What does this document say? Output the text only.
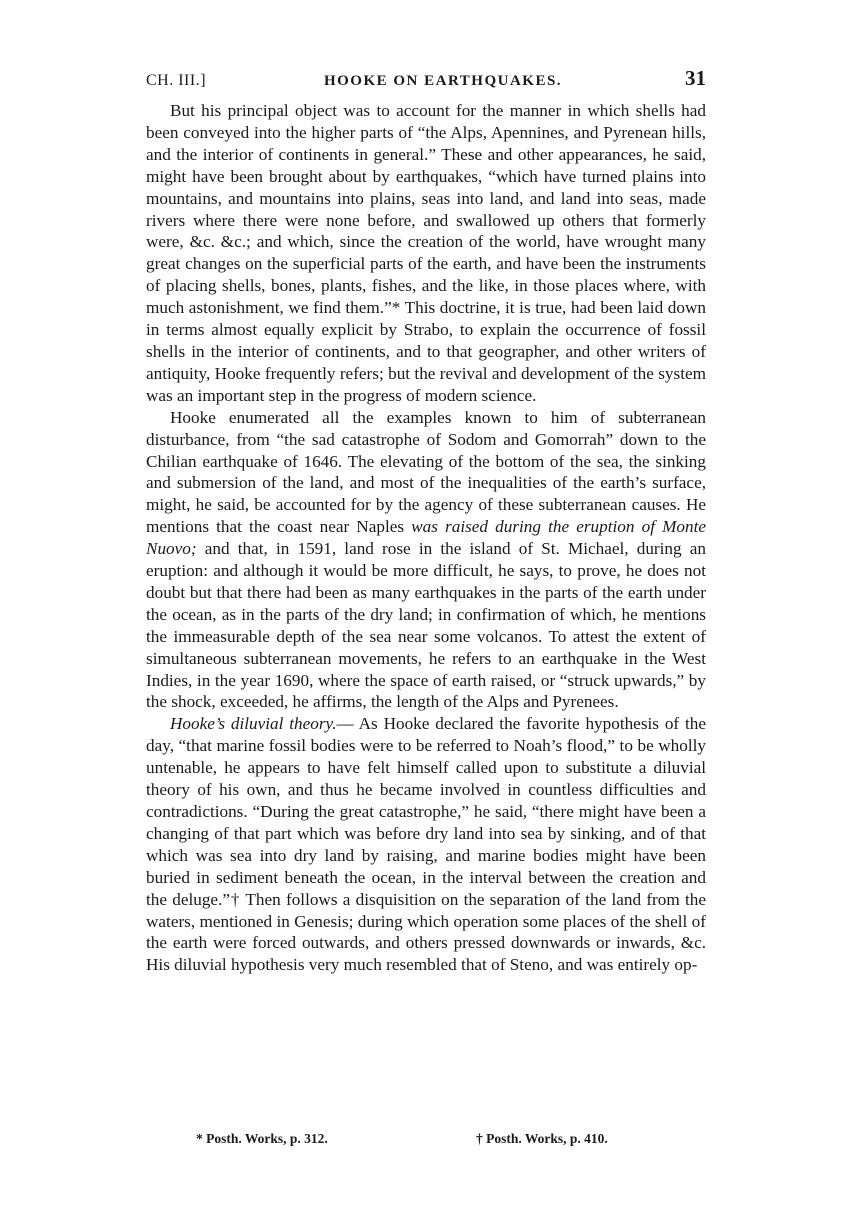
CH. III.]	HOOKE ON EARTHQUAKES.	31

But his principal object was to account for the manner in which shells had been conveyed into the higher parts of “the Alps, Apennines, and Pyrenean hills, and the interior of continents in general.” These and other appearances, he said, might have been brought about by earthquakes, “which have turned plains into mountains, and mountains into plains, seas into land, and land into seas, made rivers where there were none before, and swallowed up others that formerly were, &c. &c.; and which, since the creation of the world, have wrought many great changes on the superficial parts of the earth, and have been the instruments of placing shells, bones, plants, fishes, and the like, in those places where, with much astonishment, we find them.”* This doctrine, it is true, had been laid down in terms almost equally explicit by Strabo, to explain the occurrence of fossil shells in the interior of continents, and to that geographer, and other writers of antiquity, Hooke frequently refers; but the revival and development of the system was an important step in the progress of modern science.

Hooke enumerated all the examples known to him of subterranean disturbance, from “the sad catastrophe of Sodom and Gomorrah” down to the Chilian earthquake of 1646. The elevating of the bottom of the sea, the sinking and submersion of the land, and most of the inequalities of the earth’s surface, might, he said, be accounted for by the agency of these subterranean causes. He mentions that the coast near Naples was raised during the eruption of Monte Nuovo; and that, in 1591, land rose in the island of St. Michael, during an eruption: and although it would be more difficult, he says, to prove, he does not doubt but that there had been as many earthquakes in the parts of the earth under the ocean, as in the parts of the dry land; in confirmation of which, he mentions the immeasurable depth of the sea near some volcanos. To attest the extent of simultaneous subterranean movements, he refers to an earthquake in the West Indies, in the year 1690, where the space of earth raised, or “struck upwards,” by the shock, exceeded, he affirms, the length of the Alps and Pyrenees.

Hooke’s diluvial theory.— As Hooke declared the favorite hypothesis of the day, “that marine fossil bodies were to be referred to Noah’s flood,” to be wholly untenable, he appears to have felt himself called upon to substitute a diluvial theory of his own, and thus he became involved in countless difficulties and contradictions. “During the great catastrophe,” he said, “there might have been a changing of that part which was before dry land into sea by sinking, and of that which was sea into dry land by raising, and marine bodies might have been buried in sediment beneath the ocean, in the interval between the creation and the deluge.”† Then follows a disquisition on the separation of the land from the waters, mentioned in Genesis; during which operation some places of the shell of the earth were forced outwards, and others pressed downwards or inwards, &c. His diluvial hypothesis very much resembled that of Steno, and was entirely op-

* Posth. Works, p. 312.	† Posth. Works, p. 410.
